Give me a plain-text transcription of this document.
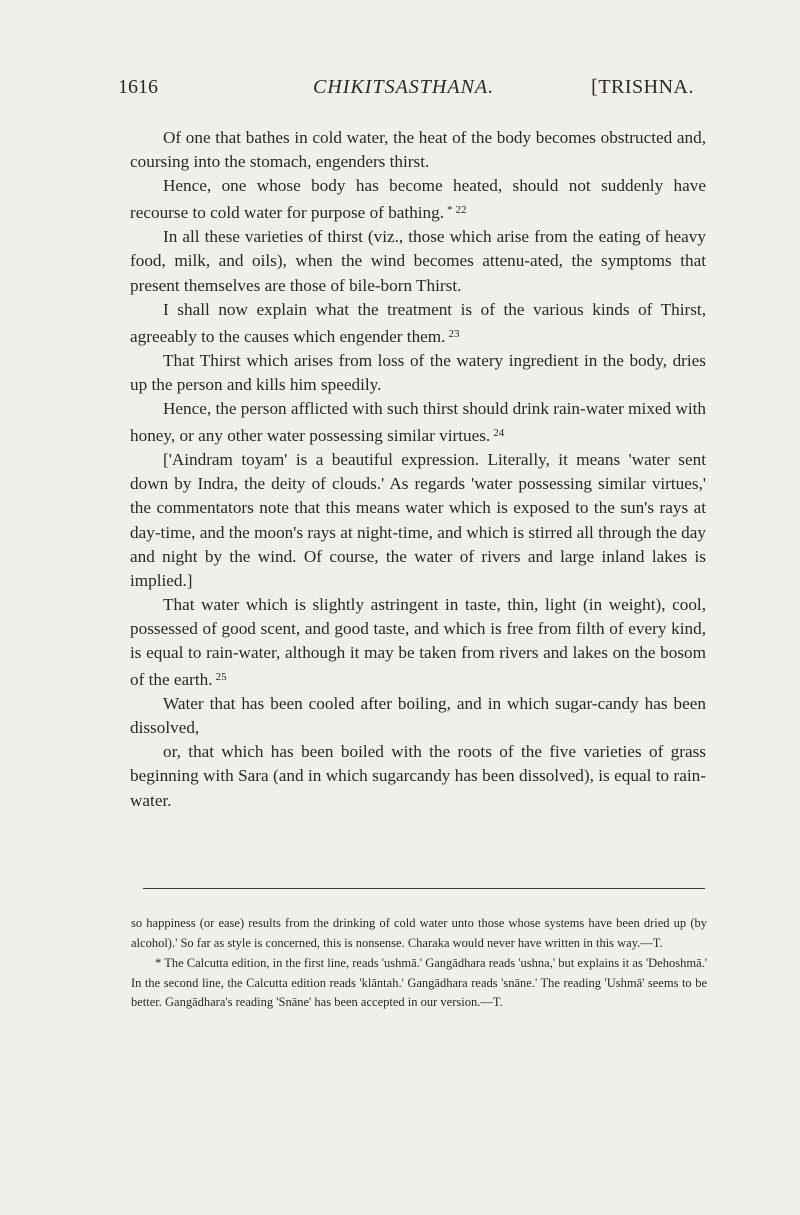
1616	CHIKITSASTHANA.	[TRISHNA.

Of one that bathes in cold water, the heat of the body becomes obstructed and, coursing into the stomach, engenders thirst.

Hence, one whose body has become heated, should not suddenly have recourse to cold water for purpose of bathing. * $^{22}$

In all these varieties of thirst (viz., those which arise from the eating of heavy food, milk, and oils), when the wind becomes attenu-ated, the symptoms that present themselves are those of bile-born Thirst.

I shall now explain what the treatment is of the various kinds of Thirst, agreeably to the causes which engender them. $^{23}$

That Thirst which arises from loss of the watery ingredient in the body, dries up the person and kills him speedily.

Hence, the person afflicted with such thirst should drink rain-water mixed with honey, or any other water possessing similar virtues. $^{24}$

['Aindram toyam' is a beautiful expression. Literally, it means 'water sent down by Indra, the deity of clouds.' As regards 'water possessing similar virtues,' the commentators note that this means water which is exposed to the sun's rays at day-time, and the moon's rays at night-time, and which is stirred all through the day and night by the wind. Of course, the water of rivers and large inland lakes is implied.]

That water which is slightly astringent in taste, thin, light (in weight), cool, possessed of good scent, and good taste, and which is free from filth of every kind, is equal to rain-water, although it may be taken from rivers and lakes on the bosom of the earth. $^{25}$

Water that has been cooled after boiling, and in which sugar-candy has been dissolved,

or, that which has been boiled with the roots of the five varieties of grass beginning with Sara (and in which sugarcandy has been dissolved), is equal to rain-water.

so happiness (or ease) results from the drinking of cold water unto those whose systems have been dried up (by alcohol).' So far as style is concerned, this is nonsense. Charaka would never have written in this way.—T.

* The Calcutta edition, in the first line, reads 'ushmā.' Gangādhara reads 'ushna,' but explains it as 'Dehoshmā.' In the second line, the Calcutta edition reads 'klāntah.' Gangādhara reads 'snāne.' The reading 'Ushmā' seems to be better. Gangādhara's reading 'Snāne' has been accepted in our version.—T.
